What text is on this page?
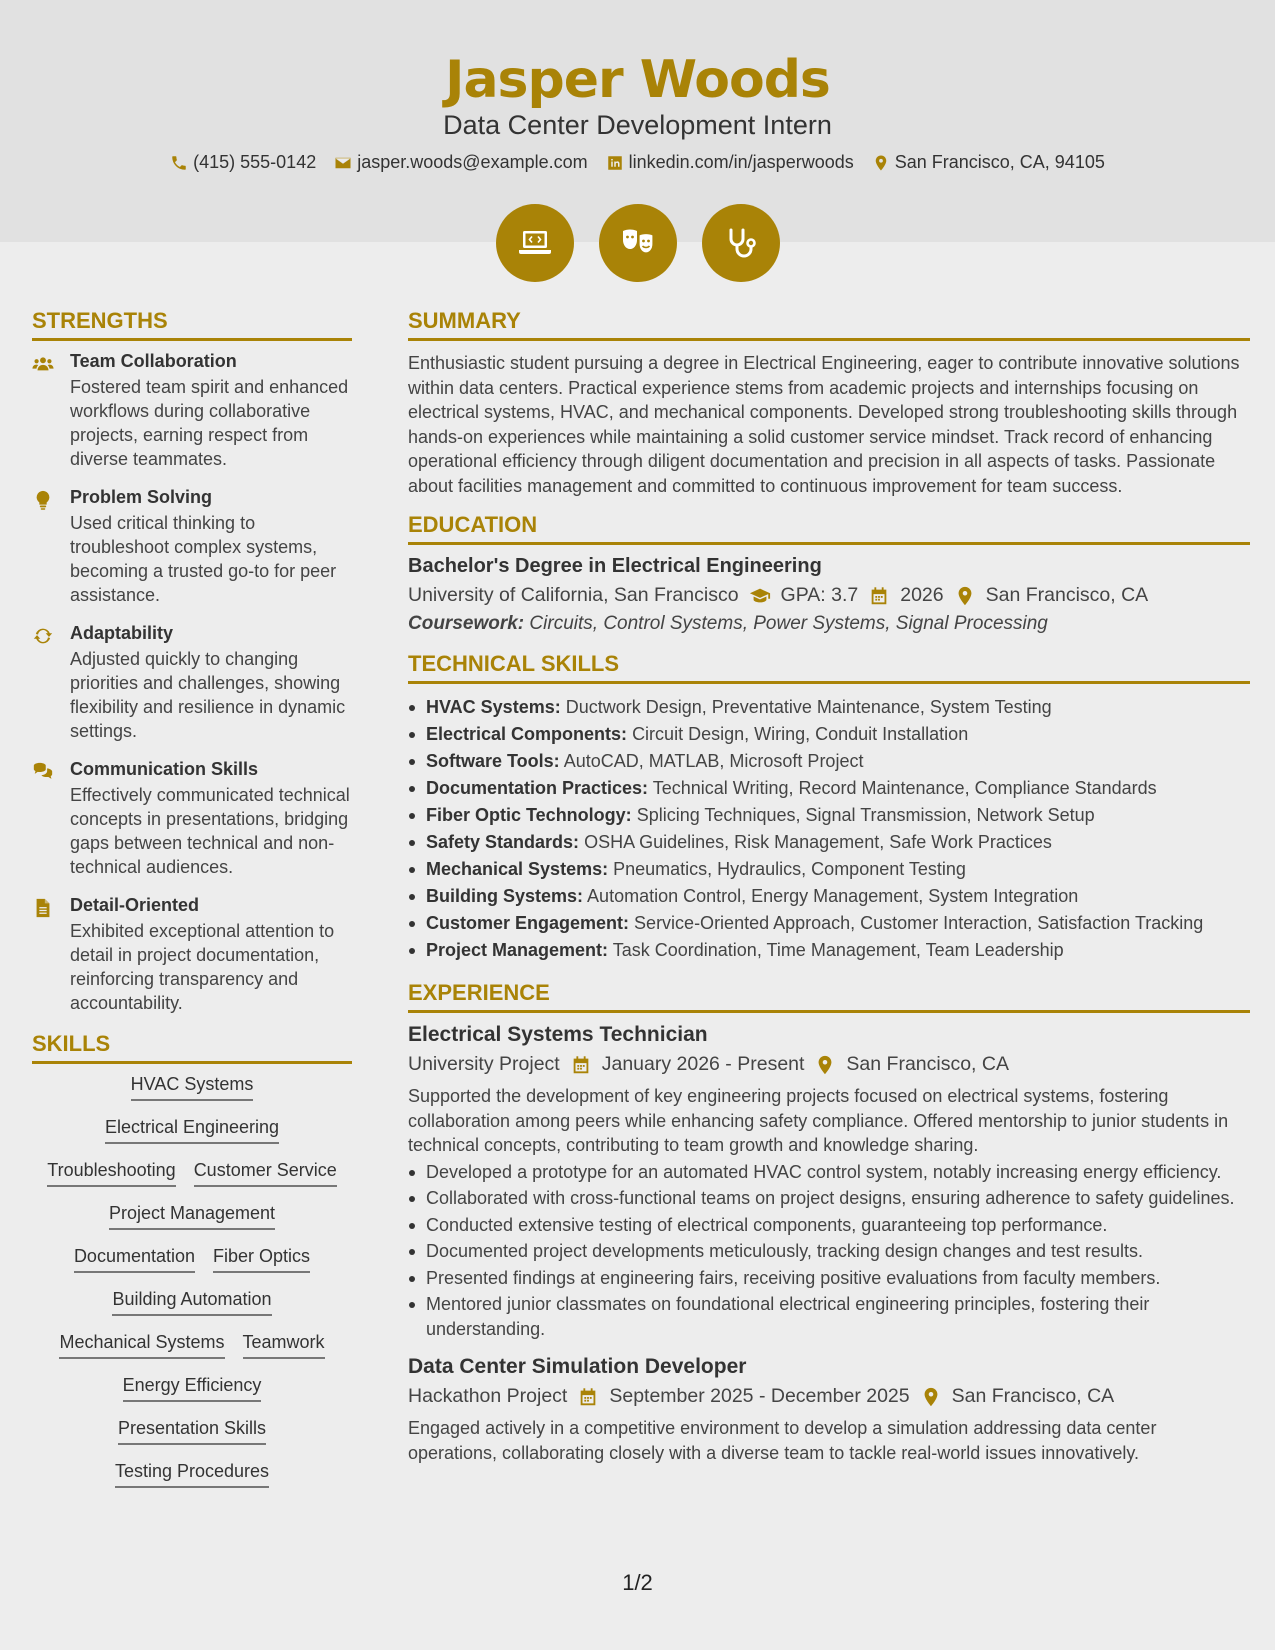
Jasper Woods
Data Center Development Intern
(415) 555-0142 jasper.woods@example.com linkedin.com/in/jasperwoods San Francisco, CA, 94105
STRENGTHS
Team Collaboration
Fostered team spirit and enhanced workflows during collaborative projects, earning respect from diverse teammates.
Problem Solving
Used critical thinking to troubleshoot complex systems, becoming a trusted go-to for peer assistance.
Adaptability
Adjusted quickly to changing priorities and challenges, showing flexibility and resilience in dynamic settings.
Communication Skills
Effectively communicated technical concepts in presentations, bridging gaps between technical and non-technical audiences.
Detail-Oriented
Exhibited exceptional attention to detail in project documentation, reinforcing transparency and accountability.
SKILLS
HVAC Systems
Electrical Engineering
Troubleshooting Customer Service
Project Management
Documentation Fiber Optics
Building Automation
Mechanical Systems Teamwork
Energy Efficiency
Presentation Skills
Testing Procedures
SUMMARY
Enthusiastic student pursuing a degree in Electrical Engineering, eager to contribute innovative solutions within data centers. Practical experience stems from academic projects and internships focusing on electrical systems, HVAC, and mechanical components. Developed strong troubleshooting skills through hands-on experiences while maintaining a solid customer service mindset. Track record of enhancing operational efficiency through diligent documentation and precision in all aspects of tasks. Passionate about facilities management and committed to continuous improvement for team success.
EDUCATION
Bachelor's Degree in Electrical Engineering
University of California, San Francisco GPA: 3.7 2026 San Francisco, CA
Coursework: Circuits, Control Systems, Power Systems, Signal Processing
TECHNICAL SKILLS
HVAC Systems: Ductwork Design, Preventative Maintenance, System Testing
Electrical Components: Circuit Design, Wiring, Conduit Installation
Software Tools: AutoCAD, MATLAB, Microsoft Project
Documentation Practices: Technical Writing, Record Maintenance, Compliance Standards
Fiber Optic Technology: Splicing Techniques, Signal Transmission, Network Setup
Safety Standards: OSHA Guidelines, Risk Management, Safe Work Practices
Mechanical Systems: Pneumatics, Hydraulics, Component Testing
Building Systems: Automation Control, Energy Management, System Integration
Customer Engagement: Service-Oriented Approach, Customer Interaction, Satisfaction Tracking
Project Management: Task Coordination, Time Management, Team Leadership
EXPERIENCE
Electrical Systems Technician
University Project January 2026 - Present San Francisco, CA
Supported the development of key engineering projects focused on electrical systems, fostering collaboration among peers while enhancing safety compliance. Offered mentorship to junior students in technical concepts, contributing to team growth and knowledge sharing.
Developed a prototype for an automated HVAC control system, notably increasing energy efficiency.
Collaborated with cross-functional teams on project designs, ensuring adherence to safety guidelines.
Conducted extensive testing of electrical components, guaranteeing top performance.
Documented project developments meticulously, tracking design changes and test results.
Presented findings at engineering fairs, receiving positive evaluations from faculty members.
Mentored junior classmates on foundational electrical engineering principles, fostering their understanding.
Data Center Simulation Developer
Hackathon Project September 2025 - December 2025 San Francisco, CA
Engaged actively in a competitive environment to develop a simulation addressing data center operations, collaborating closely with a diverse team to tackle real-world issues innovatively.
1/2
